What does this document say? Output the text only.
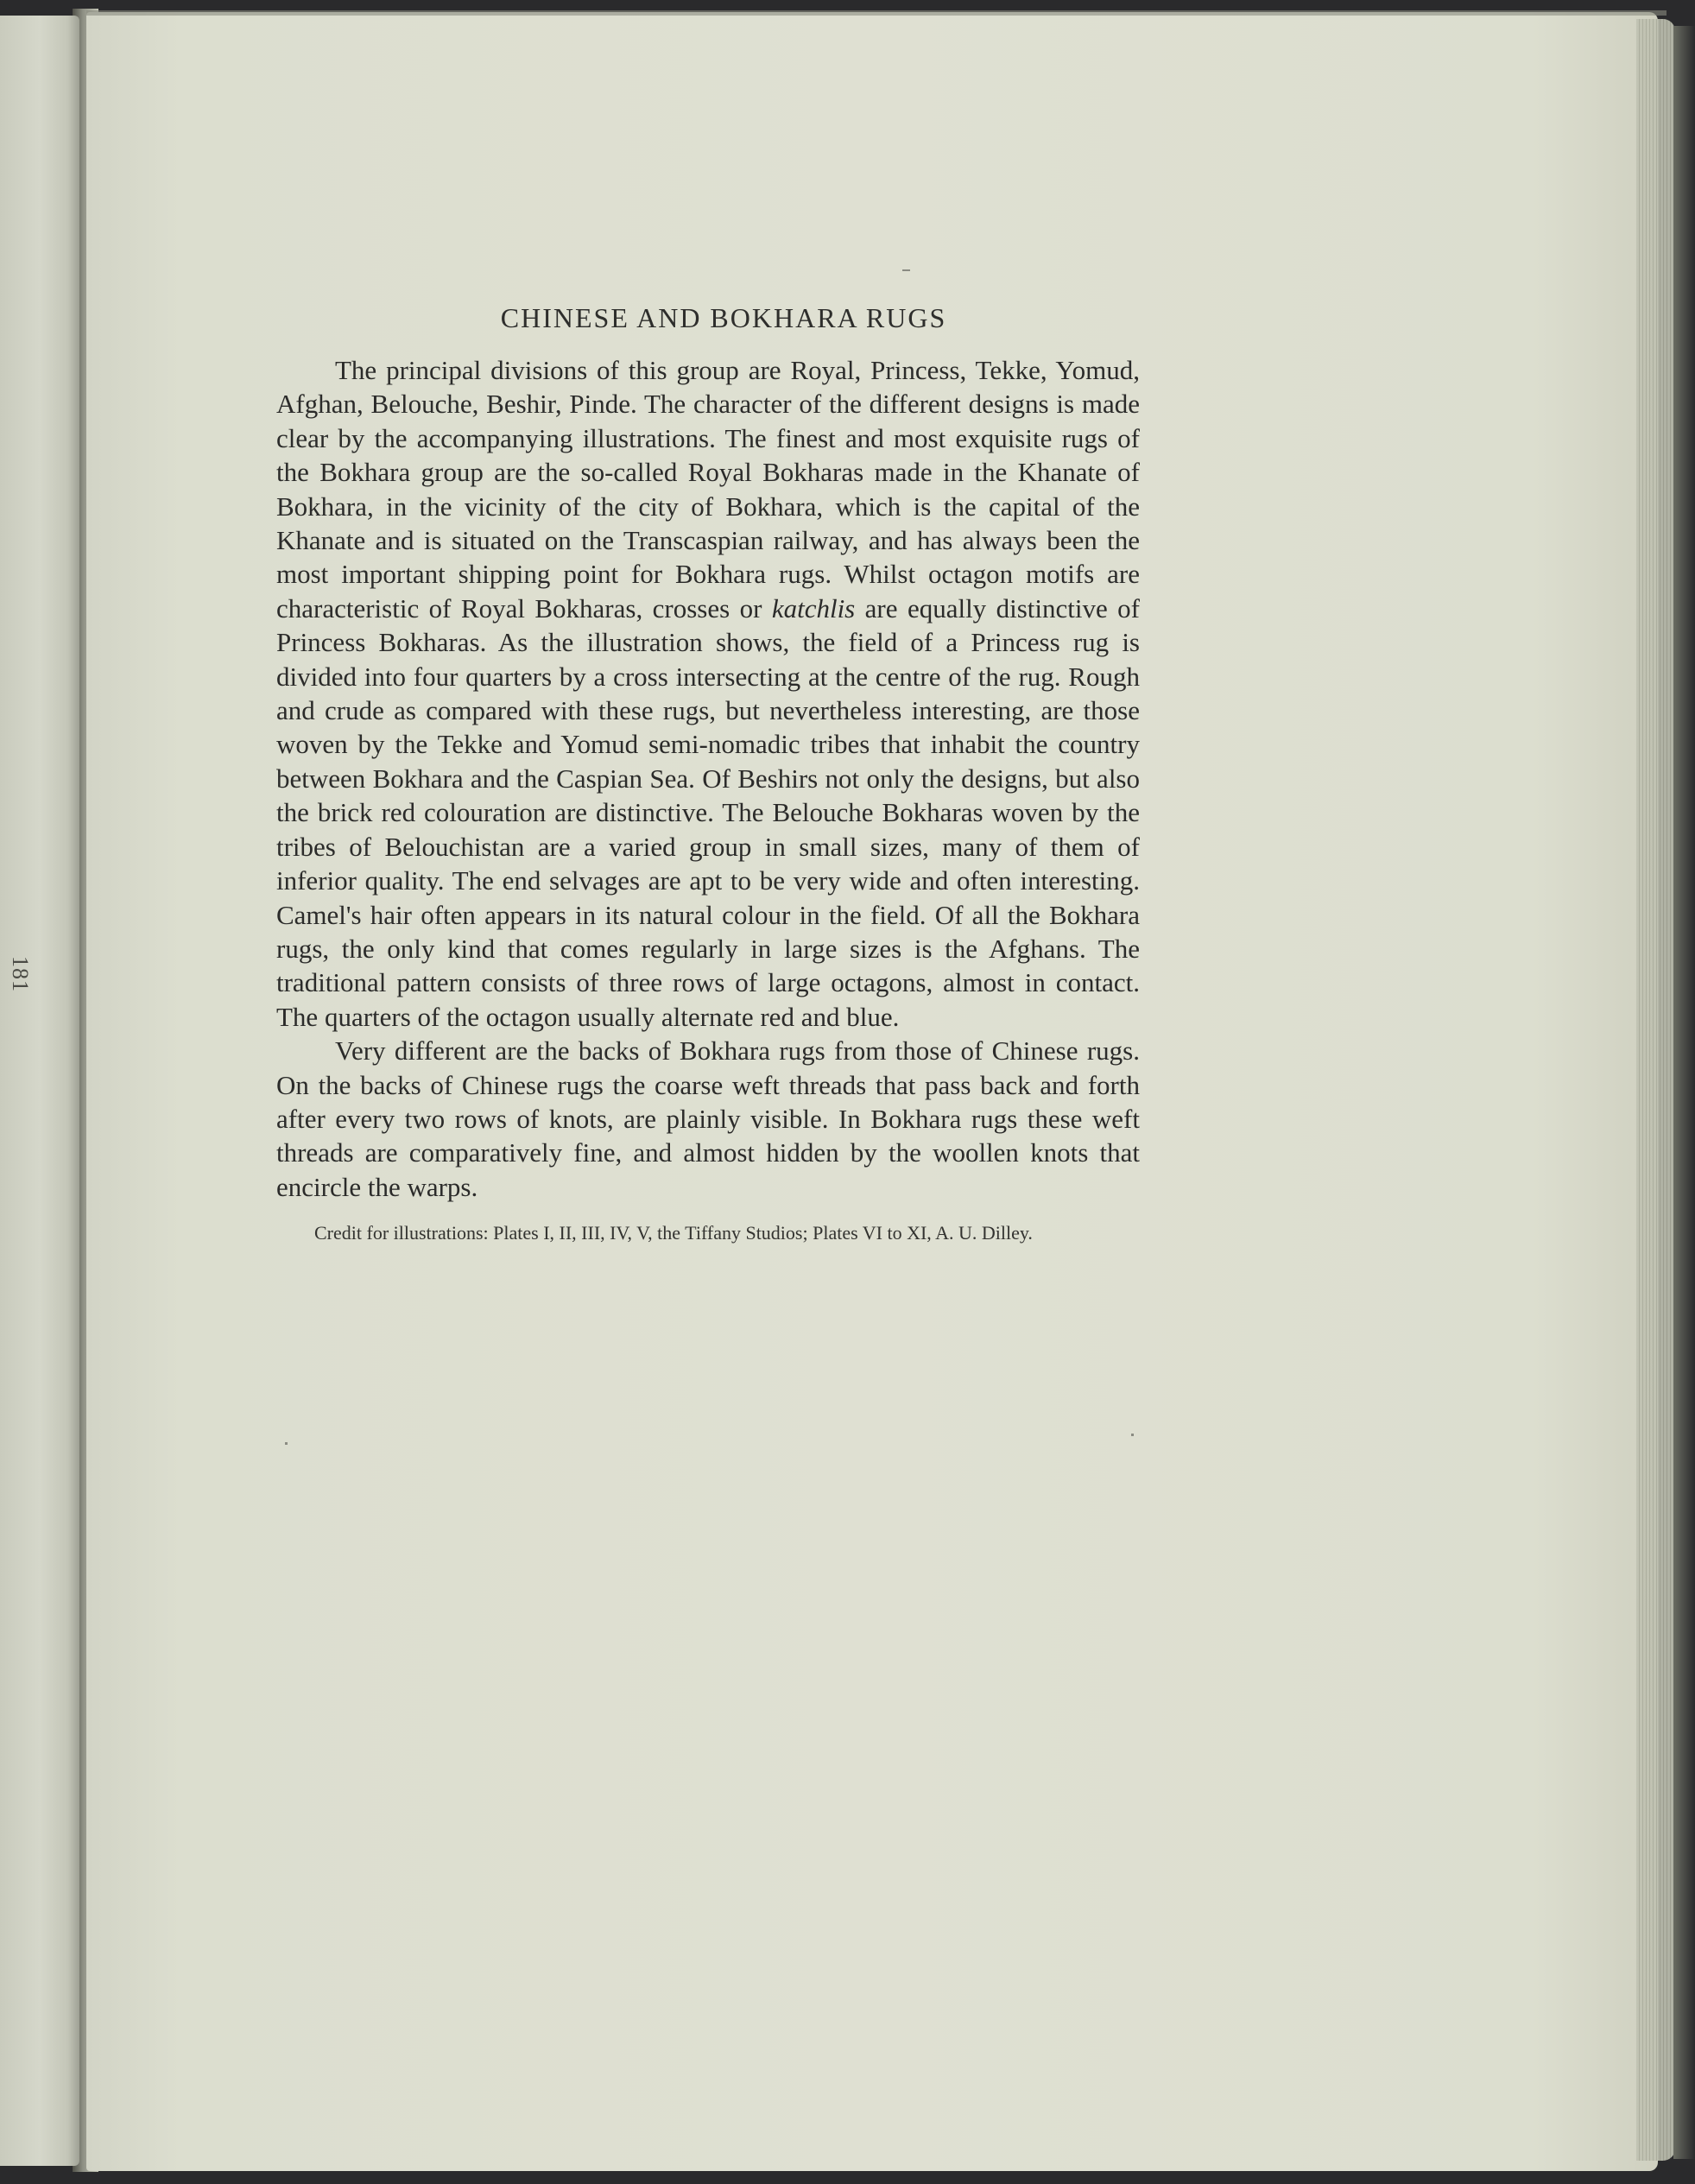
181
CHINESE AND BOKHARA RUGS

The principal divisions of this group are Royal, Princess, Tekke, Yomud, Afghan, Belouche, Beshir, Pinde. The character of the different designs is made clear by the accompanying illustrations. The finest and most exquisite rugs of the Bokhara group are the so-called Royal Bokharas made in the Khanate of Bokhara, in the vicinity of the city of Bokhara, which is the capital of the Khanate and is situated on the Transcaspian railway, and has always been the most important shipping point for Bokhara rugs. Whilst octagon motifs are characteristic of Royal Bokharas, crosses or katchlis are equally distinctive of Princess Bokharas. As the illustration shows, the field of a Princess rug is divided into four quarters by a cross intersecting at the centre of the rug. Rough and crude as compared with these rugs, but nevertheless interesting, are those woven by the Tekke and Yomud semi-nomadic tribes that inhabit the country between Bokhara and the Caspian Sea. Of Beshirs not only the designs, but also the brick red colouration are distinctive. The Belouche Bokharas woven by the tribes of Belouchistan are a varied group in small sizes, many of them of inferior quality. The end selvages are apt to be very wide and often interesting. Camel's hair often appears in its natural colour in the field. Of all the Bokhara rugs, the only kind that comes regularly in large sizes is the Afghans. The traditional pattern consists of three rows of large octagons, almost in contact. The quarters of the octagon usually alternate red and blue.

Very different are the backs of Bokhara rugs from those of Chinese rugs. On the backs of Chinese rugs the coarse weft threads that pass back and forth after every two rows of knots, are plainly visible. In Bokhara rugs these weft threads are comparatively fine, and almost hidden by the woollen knots that encircle the warps.

Credit for illustrations: Plates I, II, III, IV, V, the Tiffany Studios; Plates VI to XI, A. U. Dilley.
